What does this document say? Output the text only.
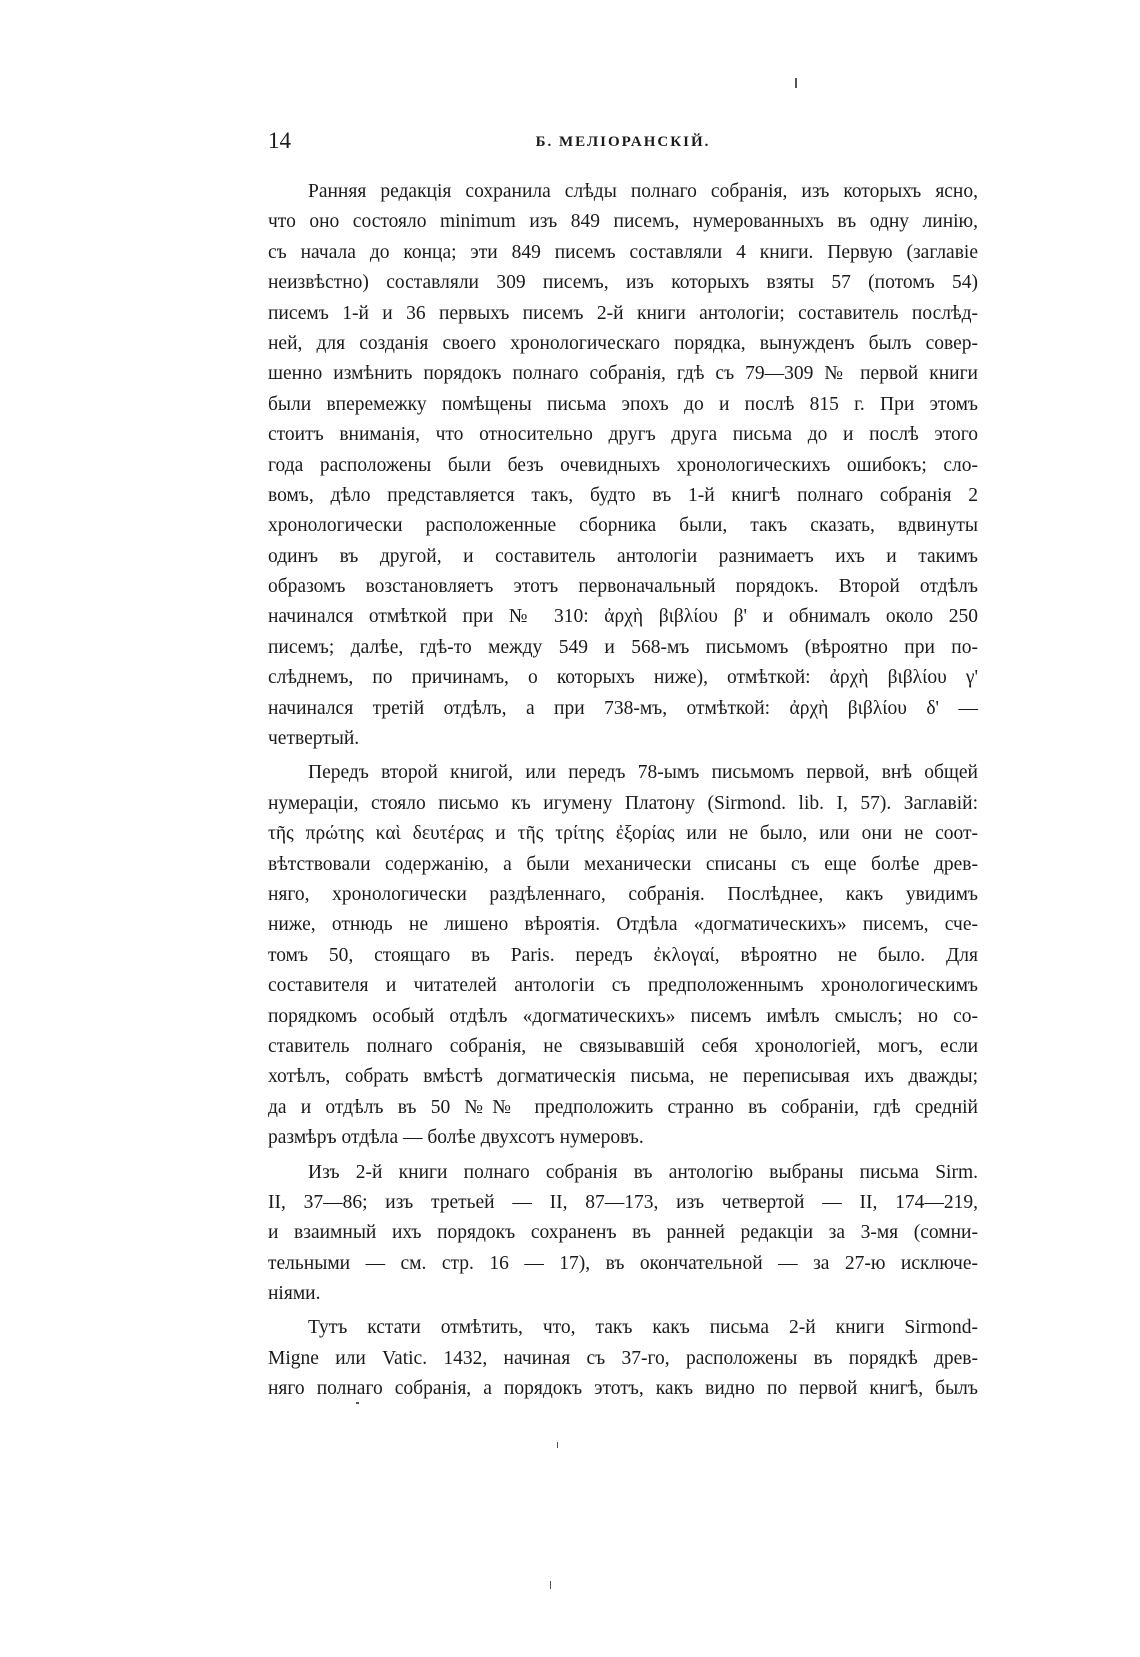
14	Б. МЕЛІОРАНСКІЙ.
Ранняя редакція сохранила слѣды полнаго собранія, изъ которыхъ ясно,
что оно состояло minimum изъ 849 писемъ, нумерованныхъ въ одну линію,
съ начала до конца; эти 849 писемъ составляли 4 книги. Первую (заглавіе
неизвѣстно) составляли 309 писемъ, изъ которыхъ взяты 57 (потомъ 54)
писемъ 1-й и 36 первыхъ писемъ 2-й книги антологіи; составитель послѣд-
ней, для созданія своего хронологическаго порядка, вынужденъ былъ совер-
шенно измѣнить порядокъ полнаго собранія, гдѣ съ 79—309 № первой книги
были вперемежку помѣщены письма эпохъ до и послѣ 815 г. При этомъ
стоитъ вниманія, что относительно другъ друга письма до и послѣ этого
года расположены были безъ очевидныхъ хронологическихъ ошибокъ; сло-
вомъ, дѣло представляется такъ, будто въ 1-й книгѣ полнаго собранія 2
хронологически расположенные сборника были, такъ сказать, вдвинуты
одинъ въ другой, и составитель антологіи разнимаетъ ихъ и такимъ
образомъ возстановляетъ этотъ первоначальный порядокъ. Второй отдѣлъ
начинался отмѣткой при № 310: ἀρχὴ βιβλίου β' и обнималъ около 250
писемъ; далѣе, гдѣ-то между 549 и 568-мъ письмомъ (вѣроятно при по-
слѣднемъ, по причинамъ, о которыхъ ниже), отмѣткой: ἀρχὴ βιβλίου γ'
начинался третій отдѣлъ, а при 738-мъ, отмѣткой: ἀρχὴ βιβλίου δ' —
четвертый.
Передъ второй книгой, или передъ 78-ымъ письмомъ первой, внѣ общей
нумераціи, стояло письмо къ игумену Платону (Sirmond. lib. I, 57). Заглавій:
τῆς πρώτης καὶ δευτέρας и τῆς τρίτης ἐξορίας или не было, или они не соот-
вѣтствовали содержанію, а были механически списаны съ еще болѣе древ-
няго, хронологически раздѣленнаго, собранія. Послѣднее, какъ увидимъ
ниже, отнюдь не лишено вѣроятія. Отдѣла «догматическихъ» писемъ, сче-
томъ 50, стоящаго въ Paris. передъ ἐκλογαί, вѣроятно не было. Для
составителя и читателей антологіи съ предположеннымъ хронологическимъ
порядкомъ особый отдѣлъ «догматическихъ» писемъ имѣлъ смыслъ; но со-
ставитель полнаго собранія, не связывавшій себя хронологіей, могъ, если
хотѣлъ, собрать вмѣстѣ догматическія письма, не переписывая ихъ дважды;
да и отдѣлъ въ 50 №№ предположить странно въ собраніи, гдѣ средній
размѣръ отдѣла — болѣе двухсотъ нумеровъ.
Изъ 2-й книги полнаго собранія въ антологію выбраны письма Sirm.
II, 37—86; изъ третьей — II, 87—173, изъ четвертой — II, 174—219,
и взаимный ихъ порядокъ сохраненъ въ ранней редакціи за 3-мя (сомни-
тельными — см. стр. 16 — 17), въ окончательной — за 27-ю исключе-
ніями.
Тутъ кстати отмѣтить, что, такъ какъ письма 2-й книги Sirmond-
Migne или Vatic. 1432, начиная съ 37-го, расположены въ порядкѣ древ-
няго полнаго собранія, а порядокъ этотъ, какъ видно по первой книгѣ, былъ
